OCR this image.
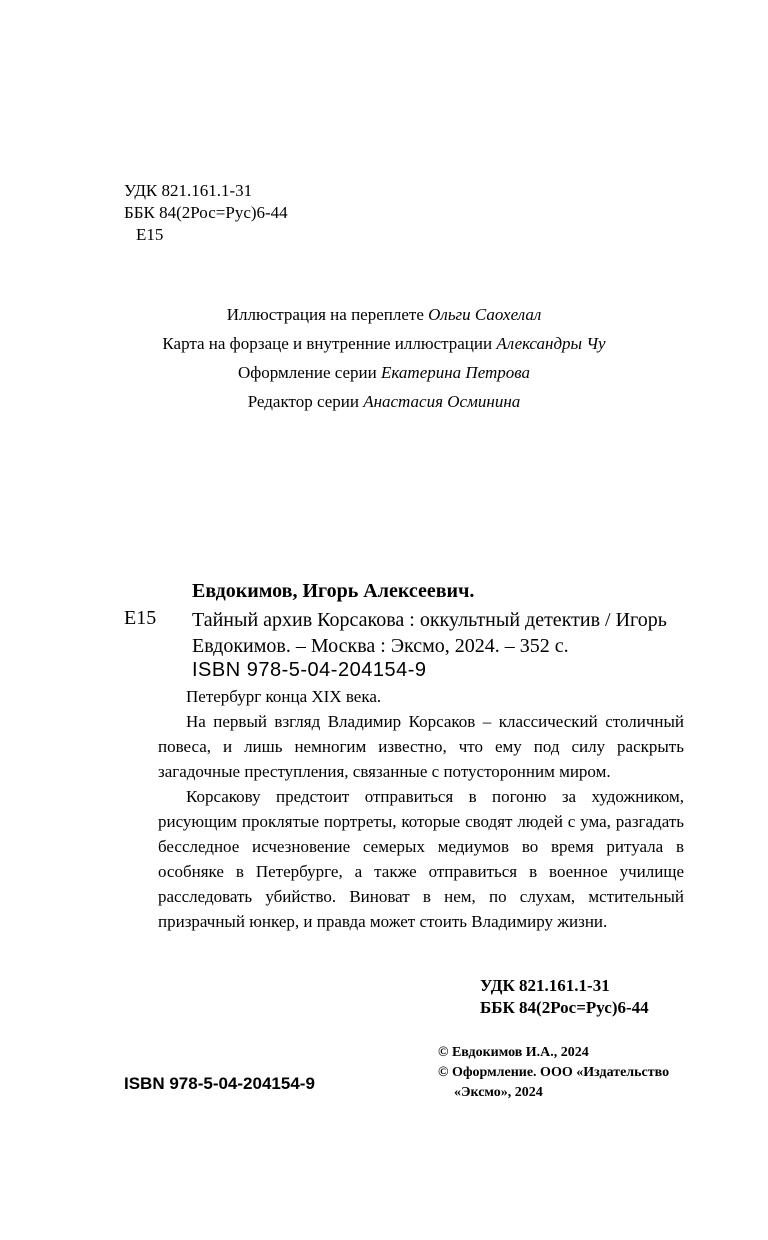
УДК 821.161.1-31
ББК 84(2Рос=Рус)6-44
Е15
Иллюстрация на переплете Ольги Саохелал
Карта на форзаце и внутренние иллюстрации Александры Чу
Оформление серии Екатерина Петрова
Редактор серии Анастасия Осминина
Евдокимов, Игорь Алексеевич.
Е15 Тайный архив Корсакова : оккультный детектив / Игорь Евдокимов. – Москва : Эксмо, 2024. – 352 с.
ISBN 978-5-04-204154-9

Петербург конца XIX века.

На первый взгляд Владимир Корсаков – классический столичный повеса, и лишь немногим известно, что ему под силу раскрыть загадочные преступления, связанные с потусторонним миром.

Корсакову предстоит отправиться в погоню за художником, рисующим проклятые портреты, которые сводят людей с ума, разгадать бесследное исчезновение семерых медиумов во время ритуала в особняке в Петербурге, а также отправиться в военное училище расследовать убийство. Виноват в нем, по слухам, мстительный призрачный юнкер, и правда может стоить Владимиру жизни.

УДК 821.161.1-31
ББК 84(2Рос=Рус)6-44
© Евдокимов И.А., 2024
© Оформление. ООО «Издательство
«Эксмо», 2024
ISBN 978-5-04-204154-9
